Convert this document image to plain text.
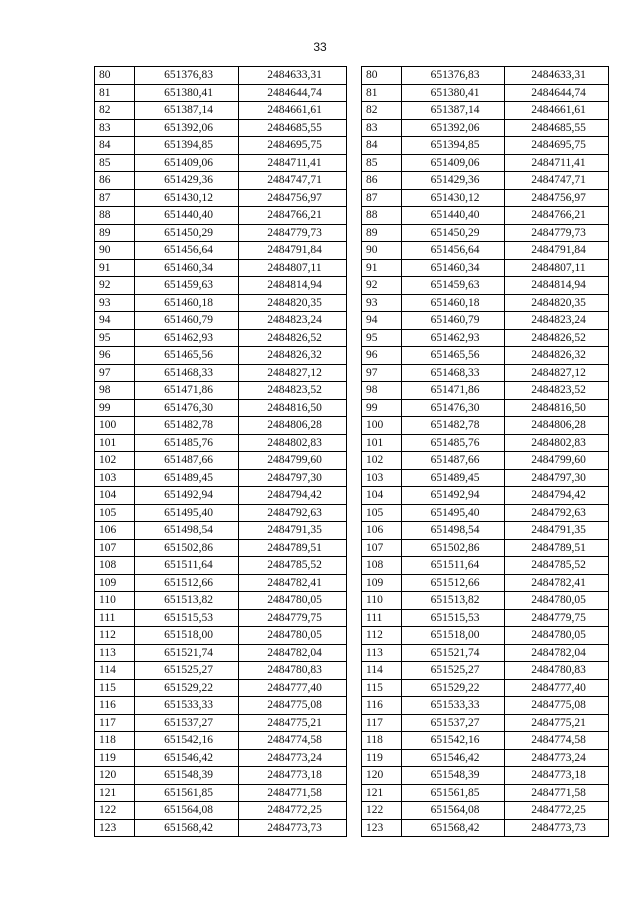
33
80	651376,83	2484633,31
81	651380,41	2484644,74
82	651387,14	2484661,61
83	651392,06	2484685,55
84	651394,85	2484695,75
85	651409,06	2484711,41
86	651429,36	2484747,71
87	651430,12	2484756,97
88	651440,40	2484766,21
89	651450,29	2484779,73
90	651456,64	2484791,84
91	651460,34	2484807,11
92	651459,63	2484814,94
93	651460,18	2484820,35
94	651460,79	2484823,24
95	651462,93	2484826,52
96	651465,56	2484826,32
97	651468,33	2484827,12
98	651471,86	2484823,52
99	651476,30	2484816,50
100	651482,78	2484806,28
101	651485,76	2484802,83
102	651487,66	2484799,60
103	651489,45	2484797,30
104	651492,94	2484794,42
105	651495,40	2484792,63
106	651498,54	2484791,35
107	651502,86	2484789,51
108	651511,64	2484785,52
109	651512,66	2484782,41
110	651513,82	2484780,05
111	651515,53	2484779,75
112	651518,00	2484780,05
113	651521,74	2484782,04
114	651525,27	2484780,83
115	651529,22	2484777,40
116	651533,33	2484775,08
117	651537,27	2484775,21
118	651542,16	2484774,58
119	651546,42	2484773,24
120	651548,39	2484773,18
121	651561,85	2484771,58
122	651564,08	2484772,25
123	651568,42	2484773,73
80	651376,83	2484633,31
81	651380,41	2484644,74
82	651387,14	2484661,61
83	651392,06	2484685,55
84	651394,85	2484695,75
85	651409,06	2484711,41
86	651429,36	2484747,71
87	651430,12	2484756,97
88	651440,40	2484766,21
89	651450,29	2484779,73
90	651456,64	2484791,84
91	651460,34	2484807,11
92	651459,63	2484814,94
93	651460,18	2484820,35
94	651460,79	2484823,24
95	651462,93	2484826,52
96	651465,56	2484826,32
97	651468,33	2484827,12
98	651471,86	2484823,52
99	651476,30	2484816,50
100	651482,78	2484806,28
101	651485,76	2484802,83
102	651487,66	2484799,60
103	651489,45	2484797,30
104	651492,94	2484794,42
105	651495,40	2484792,63
106	651498,54	2484791,35
107	651502,86	2484789,51
108	651511,64	2484785,52
109	651512,66	2484782,41
110	651513,82	2484780,05
111	651515,53	2484779,75
112	651518,00	2484780,05
113	651521,74	2484782,04
114	651525,27	2484780,83
115	651529,22	2484777,40
116	651533,33	2484775,08
117	651537,27	2484775,21
118	651542,16	2484774,58
119	651546,42	2484773,24
120	651548,39	2484773,18
121	651561,85	2484771,58
122	651564,08	2484772,25
123	651568,42	2484773,73
